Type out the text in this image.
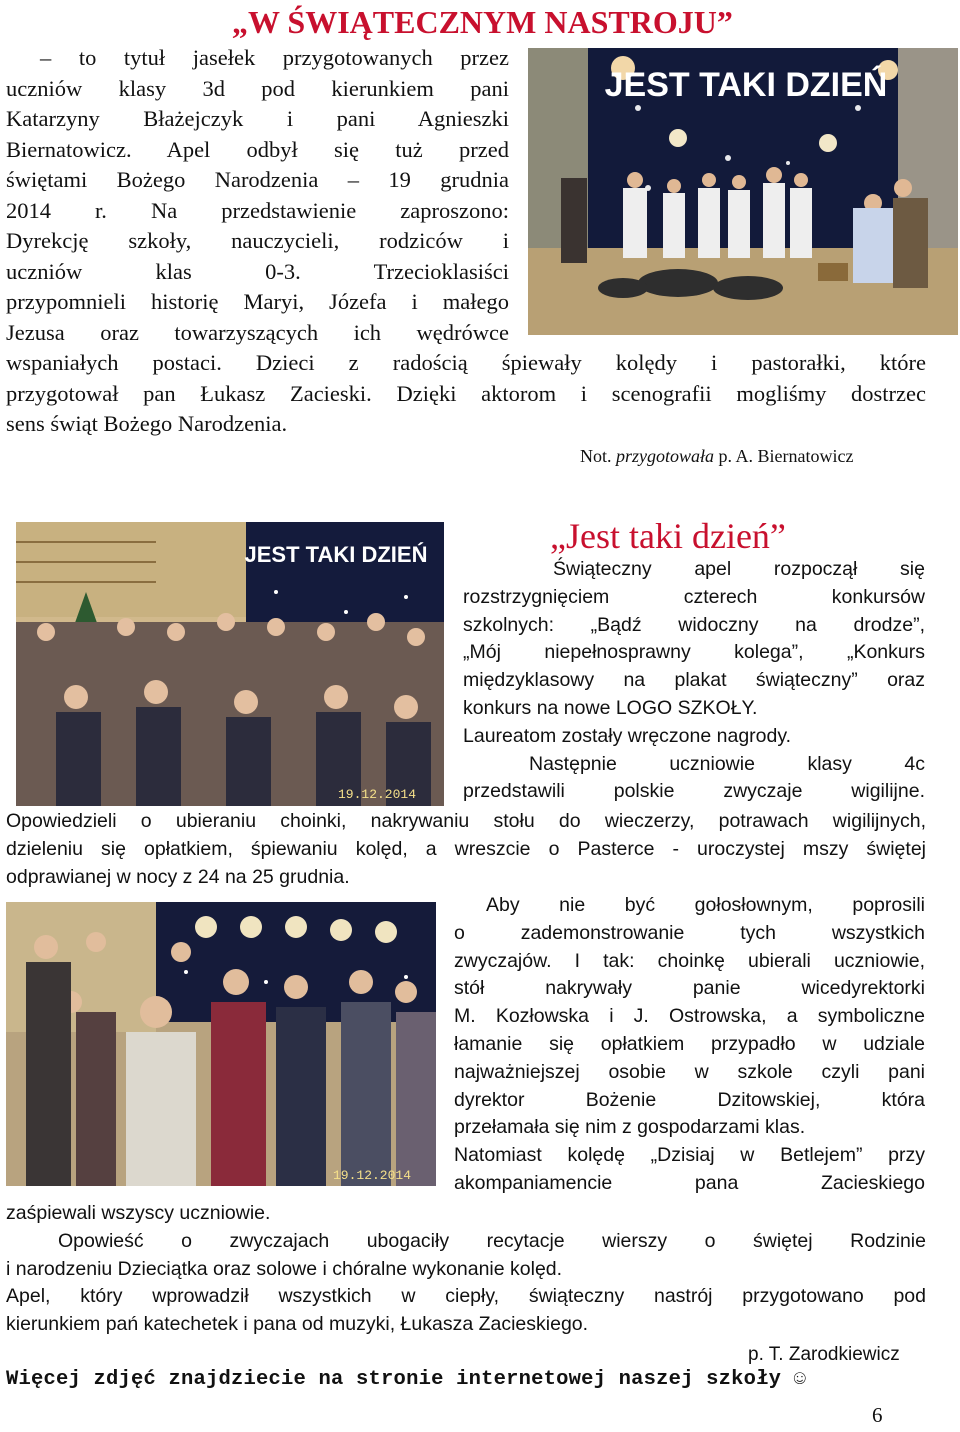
„W ŚWIĄTECZNYM NASTROJU”
– to tytuł jasełek przygotowanych przez
uczniów klasy 3d pod kierunkiem pani
Katarzyny Błażejczyk i pani Agnieszki
Biernatowicz. Apel odbył się tuż przed
świętami Bożego Narodzenia – 19 grudnia
2014 r. Na przedstawienie zaproszono:
Dyrekcję szkoły, nauczycieli, rodziców i
uczniów klas 0-3. Trzecioklasiści
przypomnieli historię Maryi, Józefa i małego
Jezusa oraz towarzyszących ich wędrówce
wspaniałych postaci. Dzieci z radością śpiewały kolędy i pastorałki, które
przygotował pan Łukasz Zacieski. Dzięki aktorom i scenografii mogliśmy dostrzec
sens świąt Bożego Narodzenia.
Not. przygotowała p. A. Biernatowicz
JEST TAKI DZIEŃ
„Jest taki dzień”
JEST TAKI DZIEŃ
19.12.2014
Świąteczny apel rozpoczął się
rozstrzygnięciem czterech konkursów
szkolnych: „Bądź widoczny na drodze”,
„Mój niepełnosprawny kolega”, „Konkurs
międzyklasowy na plakat świąteczny” oraz
konkurs na nowe LOGO SZKOŁY.
Laureatom zostały wręczone nagrody.
Następnie uczniowie klasy 4c
przedstawili polskie zwyczaje wigilijne.
Opowiedzieli o ubieraniu choinki, nakrywaniu stołu do wieczerzy, potrawach wigilijnych,
dzieleniu się opłatkiem, śpiewaniu kolęd, a wreszcie o Pasterce - uroczystej mszy świętej
odprawianej w nocy z 24 na 25 grudnia.
19.12.2014
Aby nie być gołosłownym, poprosili
o zademonstrowanie tych wszystkich
zwyczajów. I tak: choinkę ubierali uczniowie,
stół nakrywały panie wicedyrektorki
M. Kozłowska i J. Ostrowska, a symboliczne
łamanie się opłatkiem przypadło w udziale
najważniejszej osobie w szkole czyli pani
dyrektor Bożenie Dzitowskiej, która
przełamała się nim z gospodarzami klas.
Natomiast kolędę „Dzisiaj w Betlejem” przy
akompaniamencie pana Zacieskiego
zaśpiewali wszyscy uczniowie.
Opowieść o zwyczajach ubogaciły recytacje wierszy o świętej Rodzinie
i narodzeniu Dzieciątka oraz solowe i chóralne wykonanie kolęd.
Apel, który wprowadził wszystkich w ciepły, świąteczny nastrój przygotowano pod
kierunkiem pań katechetek i pana od muzyki, Łukasza Zacieskiego.
p. T. Zarodkiewicz
Więcej zdjęć znajdziecie na stronie internetowej naszej szkoły ☺
6
